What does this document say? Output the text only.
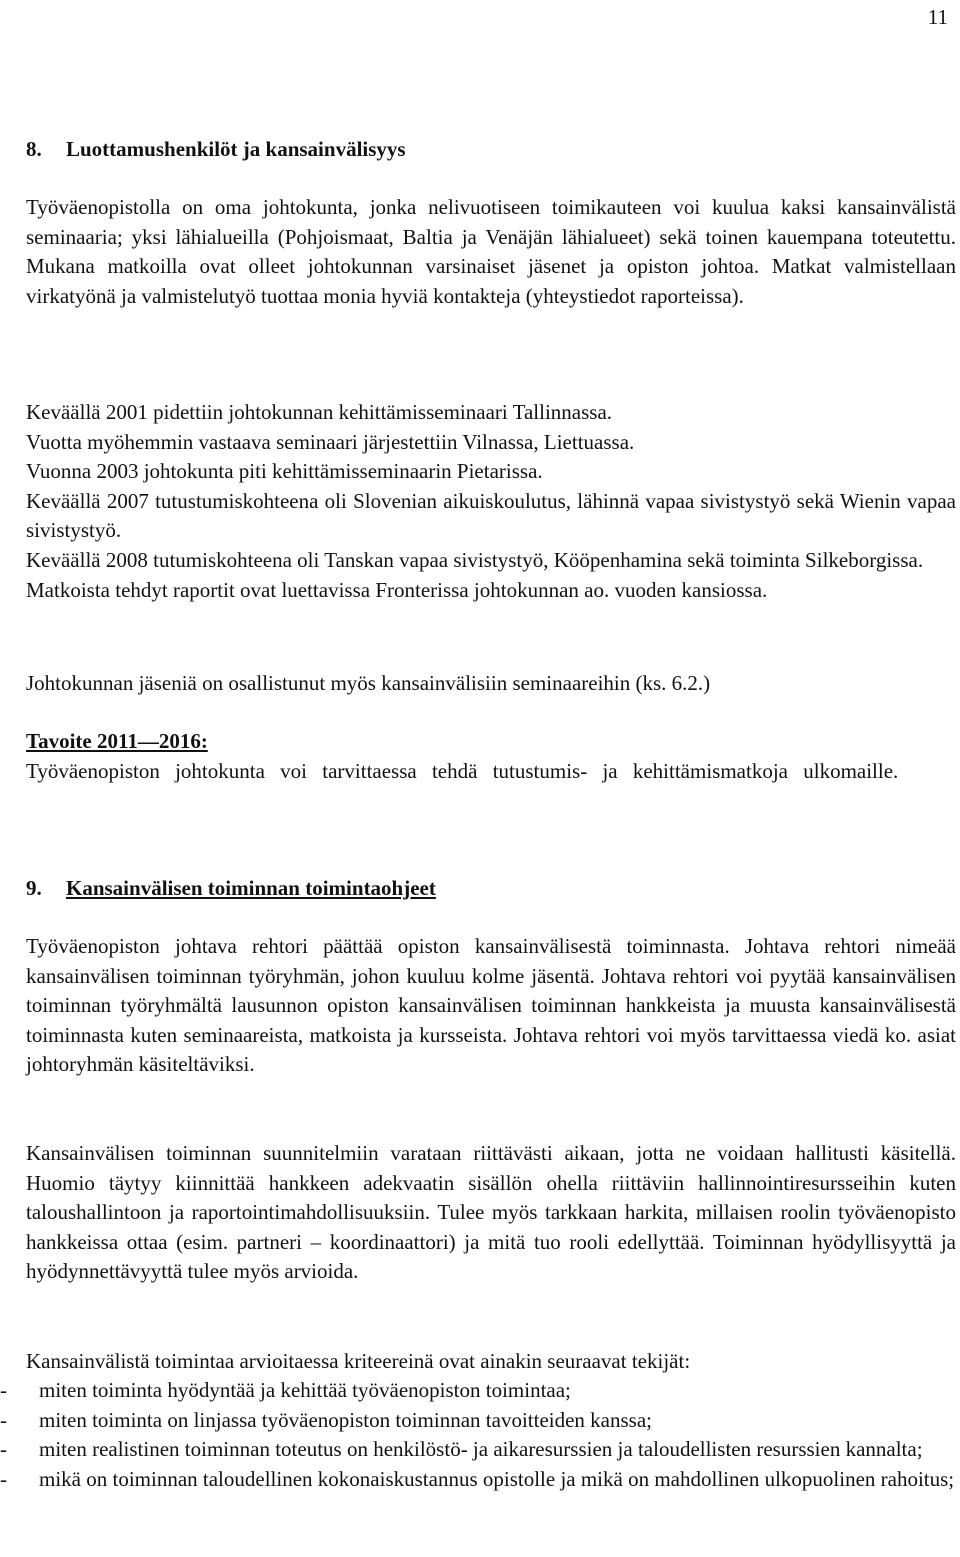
11
8. Luottamushenkilöt ja kansainvälisyys

Työväenopistolla on oma johtokunta, jonka nelivuotiseen toimikauteen voi kuulua kaksi kansainvälistä seminaaria; yksi lähialueilla (Pohjoismaat, Baltia ja Venäjän lähialueet) sekä toinen kauempana toteutettu. Mukana matkoilla ovat olleet johtokunnan varsinaiset jäsenet ja opiston johtoa. Matkat valmistellaan virkatyönä ja valmistelutyö tuottaa monia hyviä kontakteja (yhteystiedot raporteissa).

Keväällä 2001 pidettiin johtokunnan kehittämisseminaari Tallinnassa.

Vuotta myöhemmin vastaava seminaari järjestettiin Vilnassa, Liettuassa.

Vuonna 2003 johtokunta piti kehittämisseminaarin Pietarissa.

Keväällä 2007 tutustumiskohteena oli Slovenian aikuiskoulutus, lähinnä vapaa sivistystyö sekä Wienin vapaa sivistystyö.

Keväällä 2008 tutumiskohteena oli Tanskan vapaa sivistystyö, Kööpenhamina sekä toiminta Silkeborgissa.

Matkoista tehdyt raportit ovat luettavissa Fronterissa johtokunnan ao. vuoden kansiossa.

Johtokunnan jäseniä on osallistunut myös kansainvälisiin seminaareihin (ks. 6.2.)

Tavoite 2011—2016:

Työväenopiston johtokunta voi tarvittaessa tehdä tutustumis- ja kehittämismatkoja ulkomaille.

9. Kansainvälisen toiminnan toimintaohjeet

Työväenopiston johtava rehtori päättää opiston kansainvälisestä toiminnasta. Johtava rehtori nimeää kansainvälisen toiminnan työryhmän, johon kuuluu kolme jäsentä. Johtava rehtori voi pyytää kansainvälisen toiminnan työryhmältä lausunnon opiston kansainvälisen toiminnan hankkeista ja muusta kansainvälisestä toiminnasta kuten seminaareista, matkoista ja kursseista. Johtava rehtori voi myös tarvittaessa viedä ko. asiat johtoryhmän käsiteltäviksi.

Kansainvälisen toiminnan suunnitelmiin varataan riittävästi aikaan, jotta ne voidaan hallitusti käsitellä. Huomio täytyy kiinnittää hankkeen adekvaatin sisällön ohella riittäviin hallinnointiresursseihin kuten taloushallintoon ja raportointimahdollisuuksiin. Tulee myös tarkkaan harkita, millaisen roolin työväenopisto hankkeissa ottaa (esim. partneri – koordinaattori) ja mitä tuo rooli edellyttää. Toiminnan hyödyllisyyttä ja hyödynnettävyyttä tulee myös arvioida.

Kansainvälistä toimintaa arvioitaessa kriteereinä ovat ainakin seuraavat tekijät:

- miten toiminta hyödyntää ja kehittää työväenopiston toimintaa;
- miten toiminta on linjassa työväenopiston toiminnan tavoitteiden kanssa;
- miten realistinen toiminnan toteutus on henkilöstö- ja aikaresurssien ja taloudellisten resurssien kannalta;
- mikä on toiminnan taloudellinen kokonaiskustannus opistolle ja mikä on mahdollinen ulkopuolinen rahoitus;
